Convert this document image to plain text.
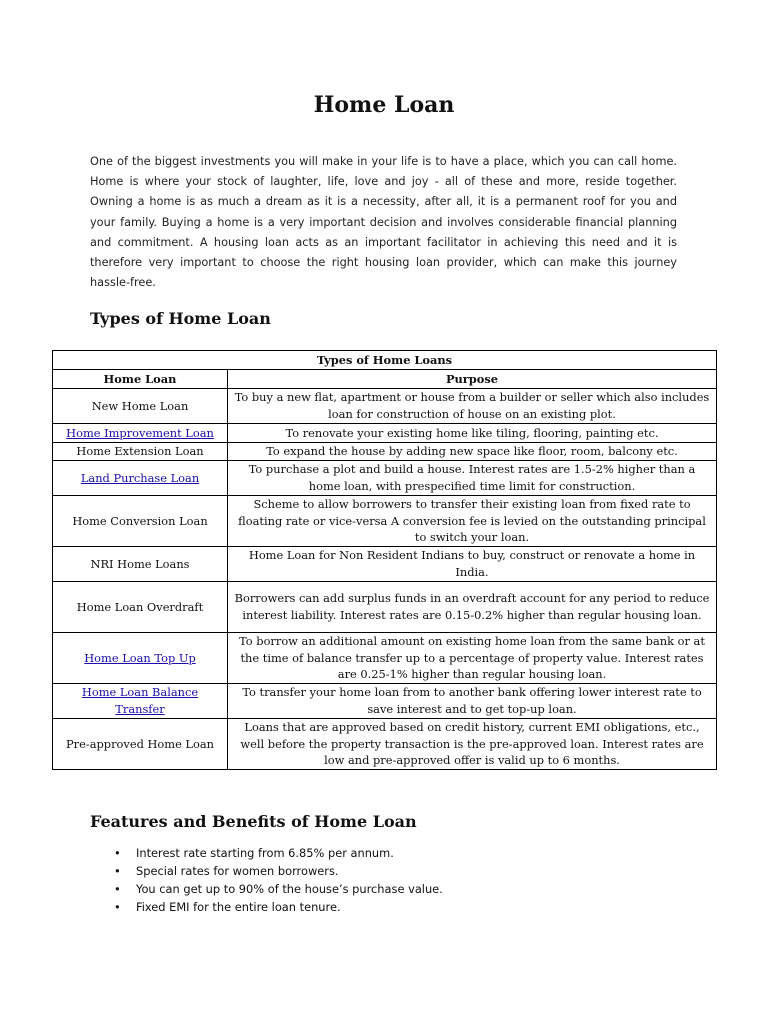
Home Loan

One of the biggest investments you will make in your life is to have a place, which you can call home. Home is where your stock of laughter, life, love and joy - all of these and more, reside together. Owning a home is as much a dream as it is a necessity, after all, it is a permanent roof for you and your family. Buying a home is a very important decision and involves considerable financial planning and commitment. A housing loan acts as an important facilitator in achieving this need and it is therefore very important to choose the right housing loan provider, which can make this journey hassle-free.

Types of Home Loan
Types of Home Loans	
Home Loan	Purpose
New Home Loan	To buy a new flat, apartment or house from a builder or seller which also includes loan for construction of house on an existing plot.
Home Improvement Loan	To renovate your existing home like tiling, flooring, painting etc.
Home Extension Loan	To expand the house by adding new space like floor, room, balcony etc.
Land Purchase Loan	To purchase a plot and build a house. Interest rates are 1.5-2% higher than a home loan, with prespecified time limit for construction.
Home Conversion Loan	Scheme to allow borrowers to transfer their existing loan from fixed rate to floating rate or vice-versa A conversion fee is levied on the outstanding principal to switch your loan.
NRI Home Loans	Home Loan for Non Resident Indians to buy, construct or renovate a home in India.
Home Loan Overdraft	Borrowers can add surplus funds in an overdraft account for any period to reduce interest liability. Interest rates are 0.15-0.2% higher than regular housing loan.
Home Loan Top Up	To borrow an additional amount on existing home loan from the same bank or at the time of balance transfer up to a percentage of property value. Interest rates are 0.25-1% higher than regular housing loan.
Home Loan Balance Transfer	To transfer your home loan from to another bank offering lower interest rate to save interest and to get top-up loan.
Pre-approved Home Loan	Loans that are approved based on credit history, current EMI obligations, etc., well before the property transaction is the pre-approved loan. Interest rates are low and pre-approved offer is valid up to 6 months.
Features and Benefits of Home Loan
• Interest rate starting from 6.85% per annum.
• Special rates for women borrowers.
• You can get up to 90% of the house’s purchase value.
• Fixed EMI for the entire loan tenure.
